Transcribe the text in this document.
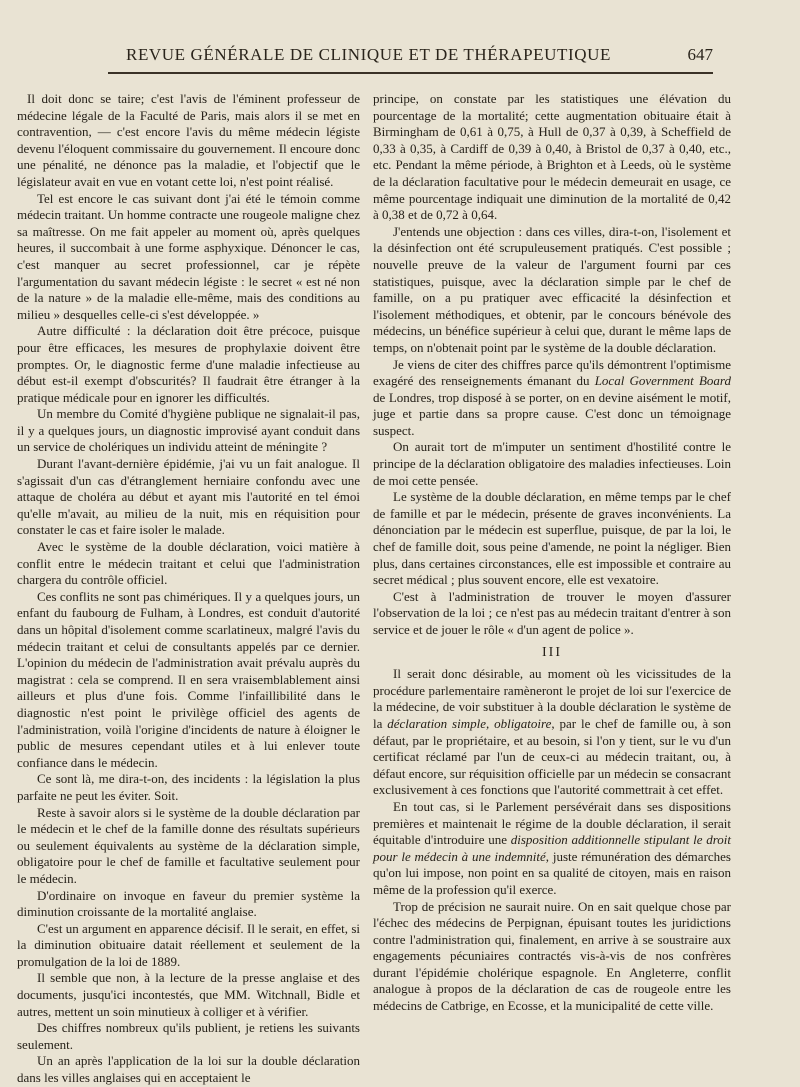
REVUE GÉNÉRALE DE CLINIQUE ET DE THÉRAPEUTIQUE	647

Il doit donc se taire; c'est l'avis de l'éminent professeur de médecine légale de la Faculté de Paris, mais alors il se met en contravention, — c'est encore l'avis du même médecin légiste devenu l'éloquent commissaire du gouvernement. Il encoure donc une pénalité, ne dénonce pas la maladie, et l'objectif que le législateur avait en vue en votant cette loi, n'est point réalisé.

Tel est encore le cas suivant dont j'ai été le témoin comme médecin traitant. Un homme contracte une rougeole maligne chez sa maîtresse. On me fait appeler au moment où, après quelques heures, il succombait à une forme asphyxique. Dénoncer le cas, c'est manquer au secret professionnel, car je répète l'argumentation du savant médecin légiste : le secret « est né non de la nature » de la maladie elle-même, mais des conditions au milieu » desquelles celle-ci s'est développée. »

Autre difficulté : la déclaration doit être précoce, puisque pour être efficaces, les mesures de prophylaxie doivent être promptes. Or, le diagnostic ferme d'une maladie infectieuse au début est-il exempt d'obscurités? Il faudrait être étranger à la pratique médicale pour en ignorer les difficultés.

Un membre du Comité d'hygiène publique ne signalait-il pas, il y a quelques jours, un diagnostic improvisé ayant conduit dans un service de cholériques un individu atteint de méningite ?

Durant l'avant-dernière épidémie, j'ai vu un fait analogue. Il s'agissait d'un cas d'étranglement herniaire confondu avec une attaque de choléra au début et ayant mis l'autorité en tel émoi qu'elle m'avait, au milieu de la nuit, mis en réquisition pour constater le cas et faire isoler le malade.

Avec le système de la double déclaration, voici matière à conflit entre le médecin traitant et celui que l'administration chargera du contrôle officiel.

Ces conflits ne sont pas chimériques. Il y a quelques jours, un enfant du faubourg de Fulham, à Londres, est conduit d'autorité dans un hôpital d'isolement comme scarlatineux, malgré l'avis du médecin traitant et celui de consultants appelés par ce dernier. L'opinion du médecin de l'administration avait prévalu auprès du magistrat : cela se comprend. Il en sera vraisemblablement ainsi ailleurs et plus d'une fois. Comme l'infaillibilité dans le diagnostic n'est point le privilège officiel des agents de l'administration, voilà l'origine d'incidents de nature à éloigner le public de mesures cependant utiles et à lui enlever toute confiance dans le médecin.

Ce sont là, me dira-t-on, des incidents : la législation la plus parfaite ne peut les éviter. Soit.

Reste à savoir alors si le système de la double déclaration par le médecin et le chef de la famille donne des résultats supérieurs ou seulement équivalents au système de la déclaration simple, obligatoire pour le chef de famille et facultative seulement pour le médecin.

D'ordinaire on invoque en faveur du premier système la diminution croissante de la mortalité anglaise.

C'est un argument en apparence décisif. Il le serait, en effet, si la diminution obituaire datait réellement et seulement de la promulgation de la loi de 1889.

Il semble que non, à la lecture de la presse anglaise et des documents, jusqu'ici incontestés, que MM. Witchnall, Bidle et autres, mettent un soin minutieux à colliger et à vérifier.

Des chiffres nombreux qu'ils publient, je retiens les suivants seulement.

Un an après l'application de la loi sur la double déclaration dans les villes anglaises qui en acceptaient le

principe, on constate par les statistiques une élévation du pourcentage de la mortalité; cette augmentation obituaire était à Birmingham de 0,61 à 0,75, à Hull de 0,37 à 0,39, à Scheffield de 0,33 à 0,35, à Cardiff de 0,39 à 0,40, à Bristol de 0,37 à 0,40, etc., etc. Pendant la même période, à Brighton et à Leeds, où le système de la déclaration facultative pour le médecin demeurait en usage, ce même pourcentage indiquait une diminution de la mortalité de 0,42 à 0,38 et de 0,72 à 0,64.

J'entends une objection : dans ces villes, dira-t-on, l'isolement et la désinfection ont été scrupuleusement pratiqués. C'est possible ; nouvelle preuve de la valeur de l'argument fourni par ces statistiques, puisque, avec la déclaration simple par le chef de famille, on a pu pratiquer avec efficacité la désinfection et l'isolement méthodiques, et obtenir, par le concours bénévole des médecins, un bénéfice supérieur à celui que, durant le même laps de temps, on n'obtenait point par le système de la double déclaration.

Je viens de citer des chiffres parce qu'ils démontrent l'optimisme exagéré des renseignements émanant du Local Government Board de Londres, trop disposé à se porter, on en devine aisément le motif, juge et partie dans sa propre cause. C'est donc un témoignage suspect.

On aurait tort de m'imputer un sentiment d'hostilité contre le principe de la déclaration obligatoire des maladies infectieuses. Loin de moi cette pensée.

Le système de la double déclaration, en même temps par le chef de famille et par le médecin, présente de graves inconvénients. La dénonciation par le médecin est superflue, puisque, de par la loi, le chef de famille doit, sous peine d'amende, ne point la négliger. Bien plus, dans certaines circonstances, elle est impossible et contraire au secret médical ; plus souvent encore, elle est vexatoire.

C'est à l'administration de trouver le moyen d'assurer l'observation de la loi ; ce n'est pas au médecin traitant d'entrer à son service et de jouer le rôle « d'un agent de police ».

III

Il serait donc désirable, au moment où les vicissitudes de la procédure parlementaire ramèneront le projet de loi sur l'exercice de la médecine, de voir substituer à la double déclaration le système de la déclaration simple, obligatoire, par le chef de famille ou, à son défaut, par le propriétaire, et au besoin, si l'on y tient, sur le vu d'un certificat réclamé par l'un de ceux-ci au médecin traitant, ou, à défaut encore, sur réquisition officielle par un médecin se consacrant exclusivement à ces fonctions que l'autorité commettrait à cet effet.

En tout cas, si le Parlement persévérait dans ses dispositions premières et maintenait le régime de la double déclaration, il serait équitable d'introduire une disposition additionnelle stipulant le droit pour le médecin à une indemnité, juste rémunération des démarches qu'on lui impose, non point en sa qualité de citoyen, mais en raison même de la profession qu'il exerce.

Trop de précision ne saurait nuire. On en sait quelque chose par l'échec des médecins de Perpignan, épuisant toutes les juridictions contre l'administration qui, finalement, en arrive à se soustraire aux engagements pécuniaires contractés vis-à-vis de nos confrères durant l'épidémie cholérique espagnole. En Angleterre, conflit analogue à propos de la déclaration de cas de rougeole entre les médecins de Catbrige, en Ecosse, et la municipalité de cette ville.
